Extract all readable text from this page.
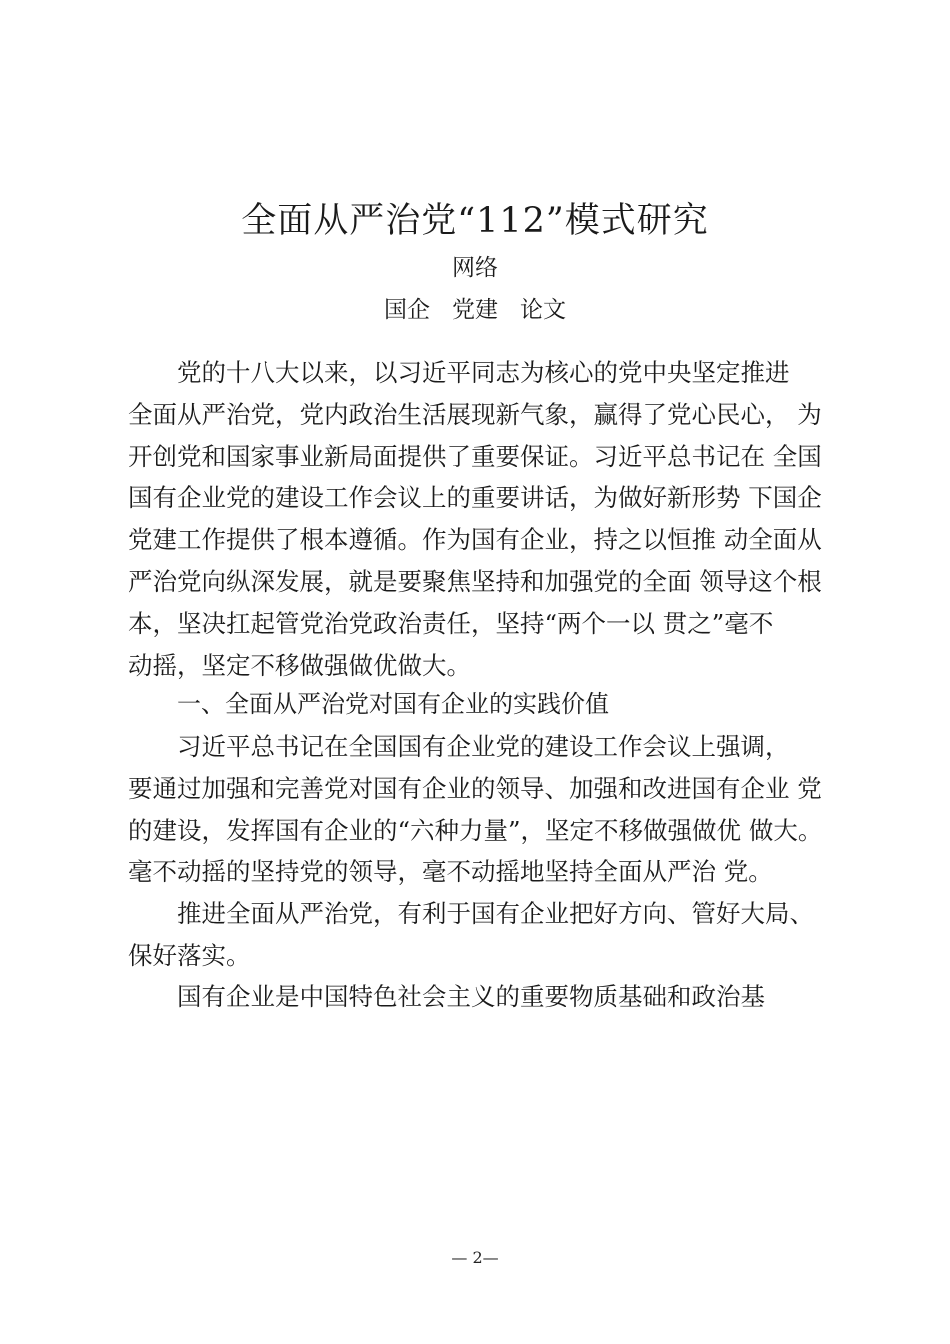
全面从严治党“112”模式研究
网络
国企 党建 论文

党的十八大以来，以习近平同志为核心的党中央坚定推进
全面从严治党，党内政治生活展现新气象，赢得了党心民心， 为
开创党和国家事业新局面提供了重要保证。习近平总书记在 全国
国有企业党的建设工作会议上的重要讲话，为做好新形势 下国企
党建工作提供了根本遵循。作为国有企业，持之以恒推 动全面从
严治党向纵深发展，就是要聚焦坚持和加强党的全面 领导这个根
本，坚决扛起管党治党政治责任，坚持“两个一以 贯之”毫不
动摇，坚定不移做强做优做大。

一、全面从严治党对国有企业的实践价值

习近平总书记在全国国有企业党的建设工作会议上强调，
要通过加强和完善党对国有企业的领导、加强和改进国有企业 党
的建设，发挥国有企业的“六种力量”，坚定不移做强做优 做大。
毫不动摇的坚持党的领导，毫不动摇地坚持全面从严治 党。

推进全面从严治党，有利于国有企业把好方向、管好大局、
保好落实。

国有企业是中国特色社会主义的重要物质基础和政治基

— 2—
